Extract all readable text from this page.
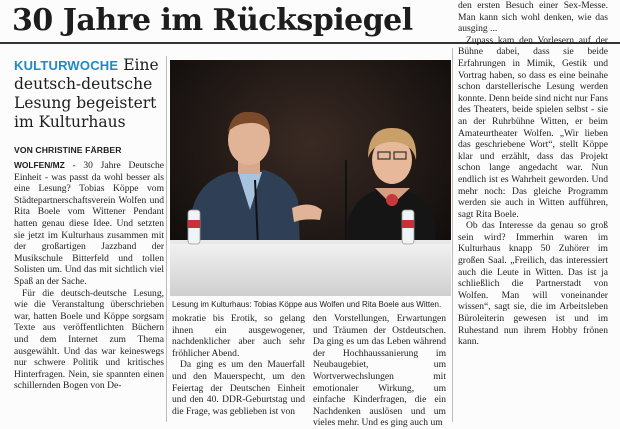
30 Jahre im Rückspiegel
KULTURWOCHE Eine deutsch-deutsche Lesung begeistert im Kulturhaus
VON CHRISTINE FÄRBER

WOLFEN/MZ - 30 Jahre Deutsche Einheit - was passt da wohl besser als eine Lesung? Tobias Köppe vom Städtepartnerschaftsverein Wolfen und Rita Boele vom Wittener Pendant hatten genau diese Idee. Und setzten sie jetzt im Kulturhaus zusammen mit der großartigen Jazzband der Musikschule Bitterfeld und tollen Solisten um. Und das mit sichtlich viel Spaß an der Sache.

Für die deutsch-deutsche Lesung, wie die Veranstaltung überschrieben war, hatten Boele und Köppe sorgsam Texte aus veröffentlichten Büchern und dem Internet zum Thema ausgewählt. Und das war keineswegs nur schwere Politik und kritisches Hinterfragen. Nein, sie spannten einen schillernden Bogen von De-

Lesung im Kulturhaus: Tobias Köppe aus Wolfen und Rita Boele aus Witten.

mokratie bis Erotik, so gelang ihnen ein ausgewogener, nachdenklicher aber auch sehr fröhlicher Abend.

Da ging es um den Mauerfall und den Mauerspecht, um den Feiertag der Deutschen Einheit und den 40. DDR-Geburtstag und die Frage, was geblieben ist von

den Vorstellungen, Erwartungen und Träumen der Ostdeutschen. Da ging es um das Leben während der Hochhaussanierung im Neubaugebiet, um Wortverwechslungen mit emotionaler Wirkung, um einfache Kinderfragen, die ein Nachdenken auslösen und um vieles mehr. Und es ging auch um

den ersten Besuch einer Sex-Messe. Man kann sich wohl denken, wie das ausging ...

Zupass kam den Vorlesern auf der Bühne dabei, dass sie beide Erfahrungen in Mimik, Gestik und Vortrag haben, so dass es eine beinahe schon darstellerische Lesung werden konnte. Denn beide sind nicht nur Fans des Theaters, beide spielen selbst - sie an der Ruhrbühne Witten, er beim Amateurtheater Wolfen. „Wir lieben das geschriebene Wort“, stellt Köppe klar und erzählt, dass das Projekt schon lange angedacht war. Nun endlich ist es Wahrheit geworden. Und mehr noch: Das gleiche Programm werden sie auch in Witten aufführen, sagt Rita Boele.

Ob das Interesse da genau so groß sein wird? Immerhin waren im Kulturhaus knapp 50 Zuhörer im großen Saal. „Freilich, das interessiert auch die Leute in Witten. Das ist ja schließlich die Partnerstadt von Wolfen. Man will voneinander wissen“, sagt sie, die im Arbeitsleben Büroleiterin gewesen ist und im Ruhestand nun ihrem Hobby frönen kann.
